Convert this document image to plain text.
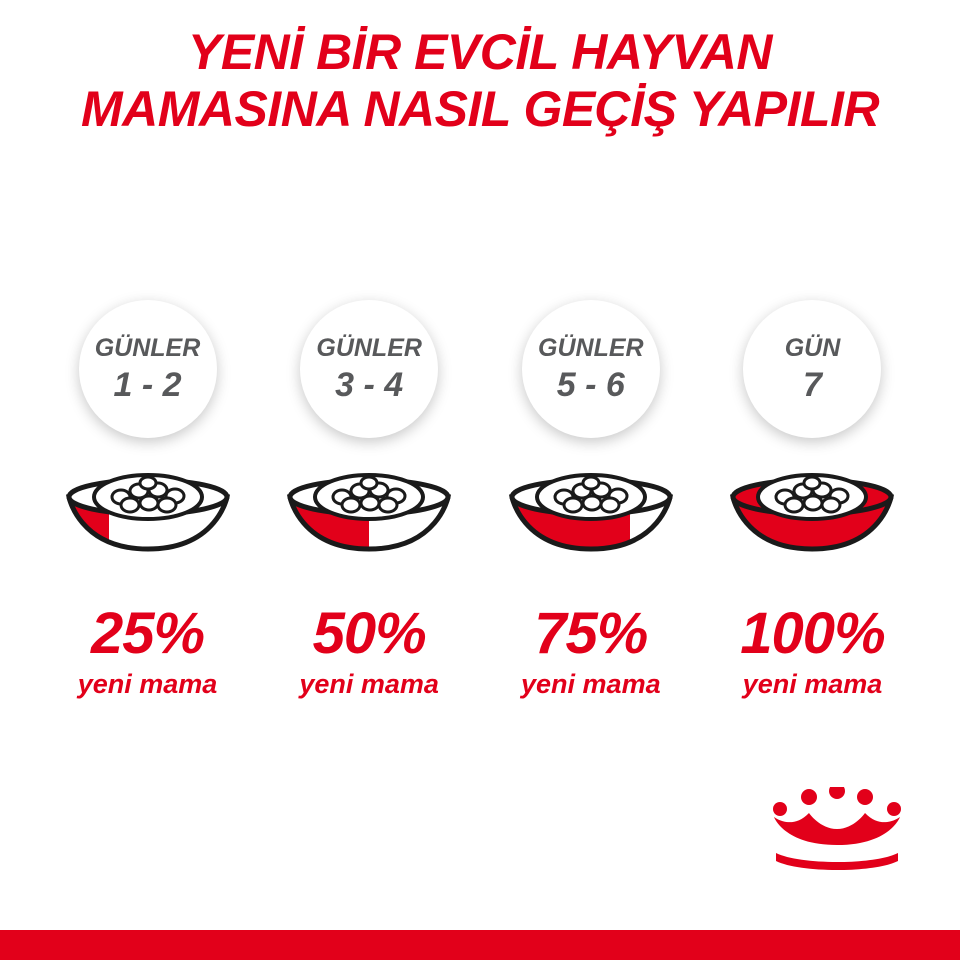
YENİ BİR EVCİL HAYVAN
MAMASINA NASIL GEÇİŞ YAPILIR
GÜNLER
1 - 2
25%
yeni mama
GÜNLER
3 - 4
50%
yeni mama
GÜNLER
5 - 6
75%
yeni mama
GÜN
7
100%
yeni mama
